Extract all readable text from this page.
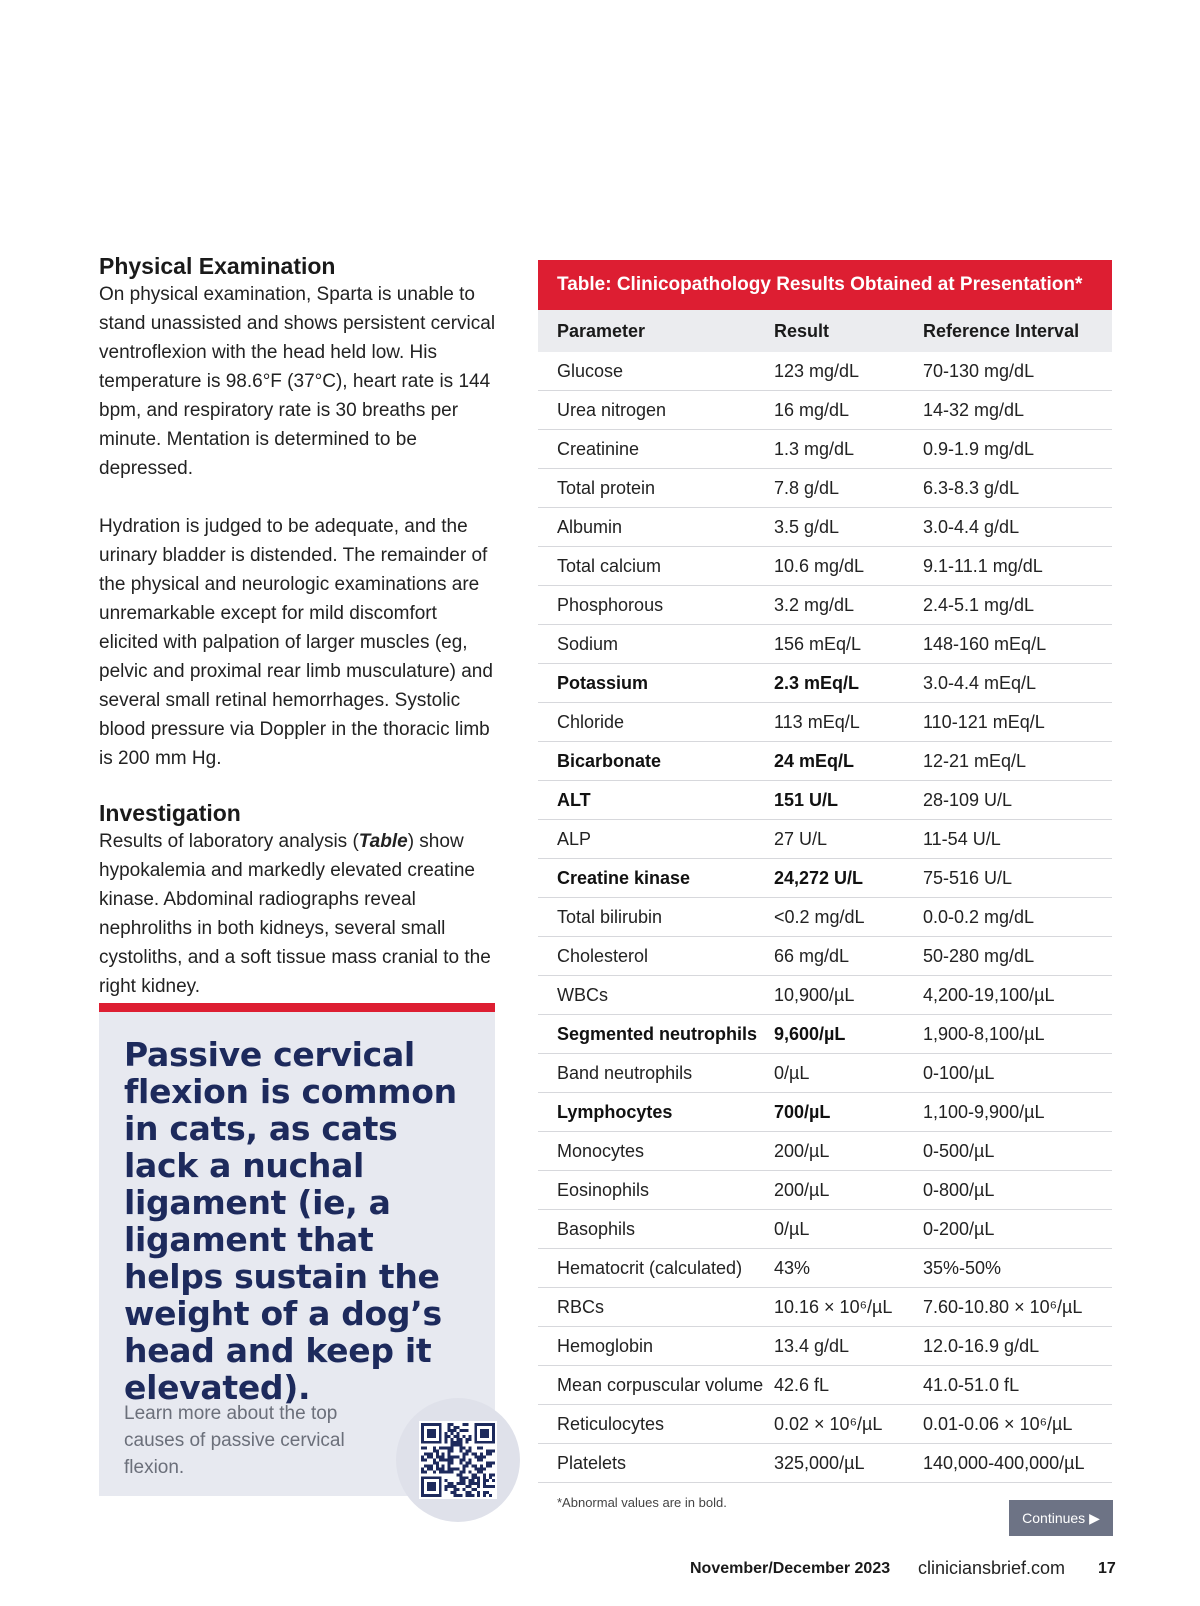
Physical Examination

On physical examination, Sparta is unable to stand unassisted and shows persistent cervical ventroflexion with the head held low. His temperature is 98.6°F (37°C), heart rate is 144 bpm, and respiratory rate is 30 breaths per minute. Mentation is determined to be depressed.

Hydration is judged to be adequate, and the urinary bladder is distended. The remainder of the physical and neurologic examinations are unremarkable except for mild discomfort elicited with palpation of larger muscles (eg, pelvic and proximal rear limb musculature) and several small retinal hemorrhages. Systolic blood pressure via Doppler in the thoracic limb is 200 mm Hg.

Investigation

Results of laboratory analysis (Table) show hypokalemia and markedly elevated creatine kinase. Abdominal radiographs reveal nephroliths in both kidneys, several small cystoliths, and a soft tissue mass cranial to the right kidney.

Passive cervical flexion is common in cats, as cats lack a nuchal ligament (ie, a ligament that helps sustain the weight of a dog’s head and keep it elevated).

Learn more about the top causes of passive cervical flexion.

Table: Clinicopathology Results Obtained at Presentation*
Parameter	Result	Reference Interval
Glucose	123 mg/dL	70-130 mg/dL
Urea nitrogen	16 mg/dL	14-32 mg/dL
Creatinine	1.3 mg/dL	0.9-1.9 mg/dL
Total protein	7.8 g/dL	6.3-8.3 g/dL
Albumin	3.5 g/dL	3.0-4.4 g/dL
Total calcium	10.6 mg/dL	9.1-11.1 mg/dL
Phosphorous	3.2 mg/dL	2.4-5.1 mg/dL
Sodium	156 mEq/L	148-160 mEq/L
Potassium	2.3 mEq/L	3.0-4.4 mEq/L
Chloride	113 mEq/L	110-121 mEq/L
Bicarbonate	24 mEq/L	12-21 mEq/L
ALT	151 U/L	28-109 U/L
ALP	27 U/L	11-54 U/L
Creatine kinase	24,272 U/L	75-516 U/L
Total bilirubin	<0.2 mg/dL	0.0-0.2 mg/dL
Cholesterol	66 mg/dL	50-280 mg/dL
WBCs	10,900/µL	4,200-19,100/µL
Segmented neutrophils	9,600/µL	1,900-8,100/µL
Band neutrophils	0/µL	0-100/µL
Lymphocytes	700/µL	1,100-9,900/µL
Monocytes	200/µL	0-500/µL
Eosinophils	200/µL	0-800/µL
Basophils	0/µL	0-200/µL
Hematocrit (calculated)	43%	35%-50%
RBCs	10.16 × 10⁶/µL	7.60-10.80 × 10⁶/µL
Hemoglobin	13.4 g/dL	12.0-16.9 g/dL
Mean corpuscular volume	42.6 fL	41.0-51.0 fL
Reticulocytes	0.02 × 10⁶/µL	0.01-0.06 × 10⁶/µL
Platelets	325,000/µL	140,000-400,000/µL
*Abnormal values are in bold.
Continues ▶
November/December 2023 cliniciansbrief.com 17
